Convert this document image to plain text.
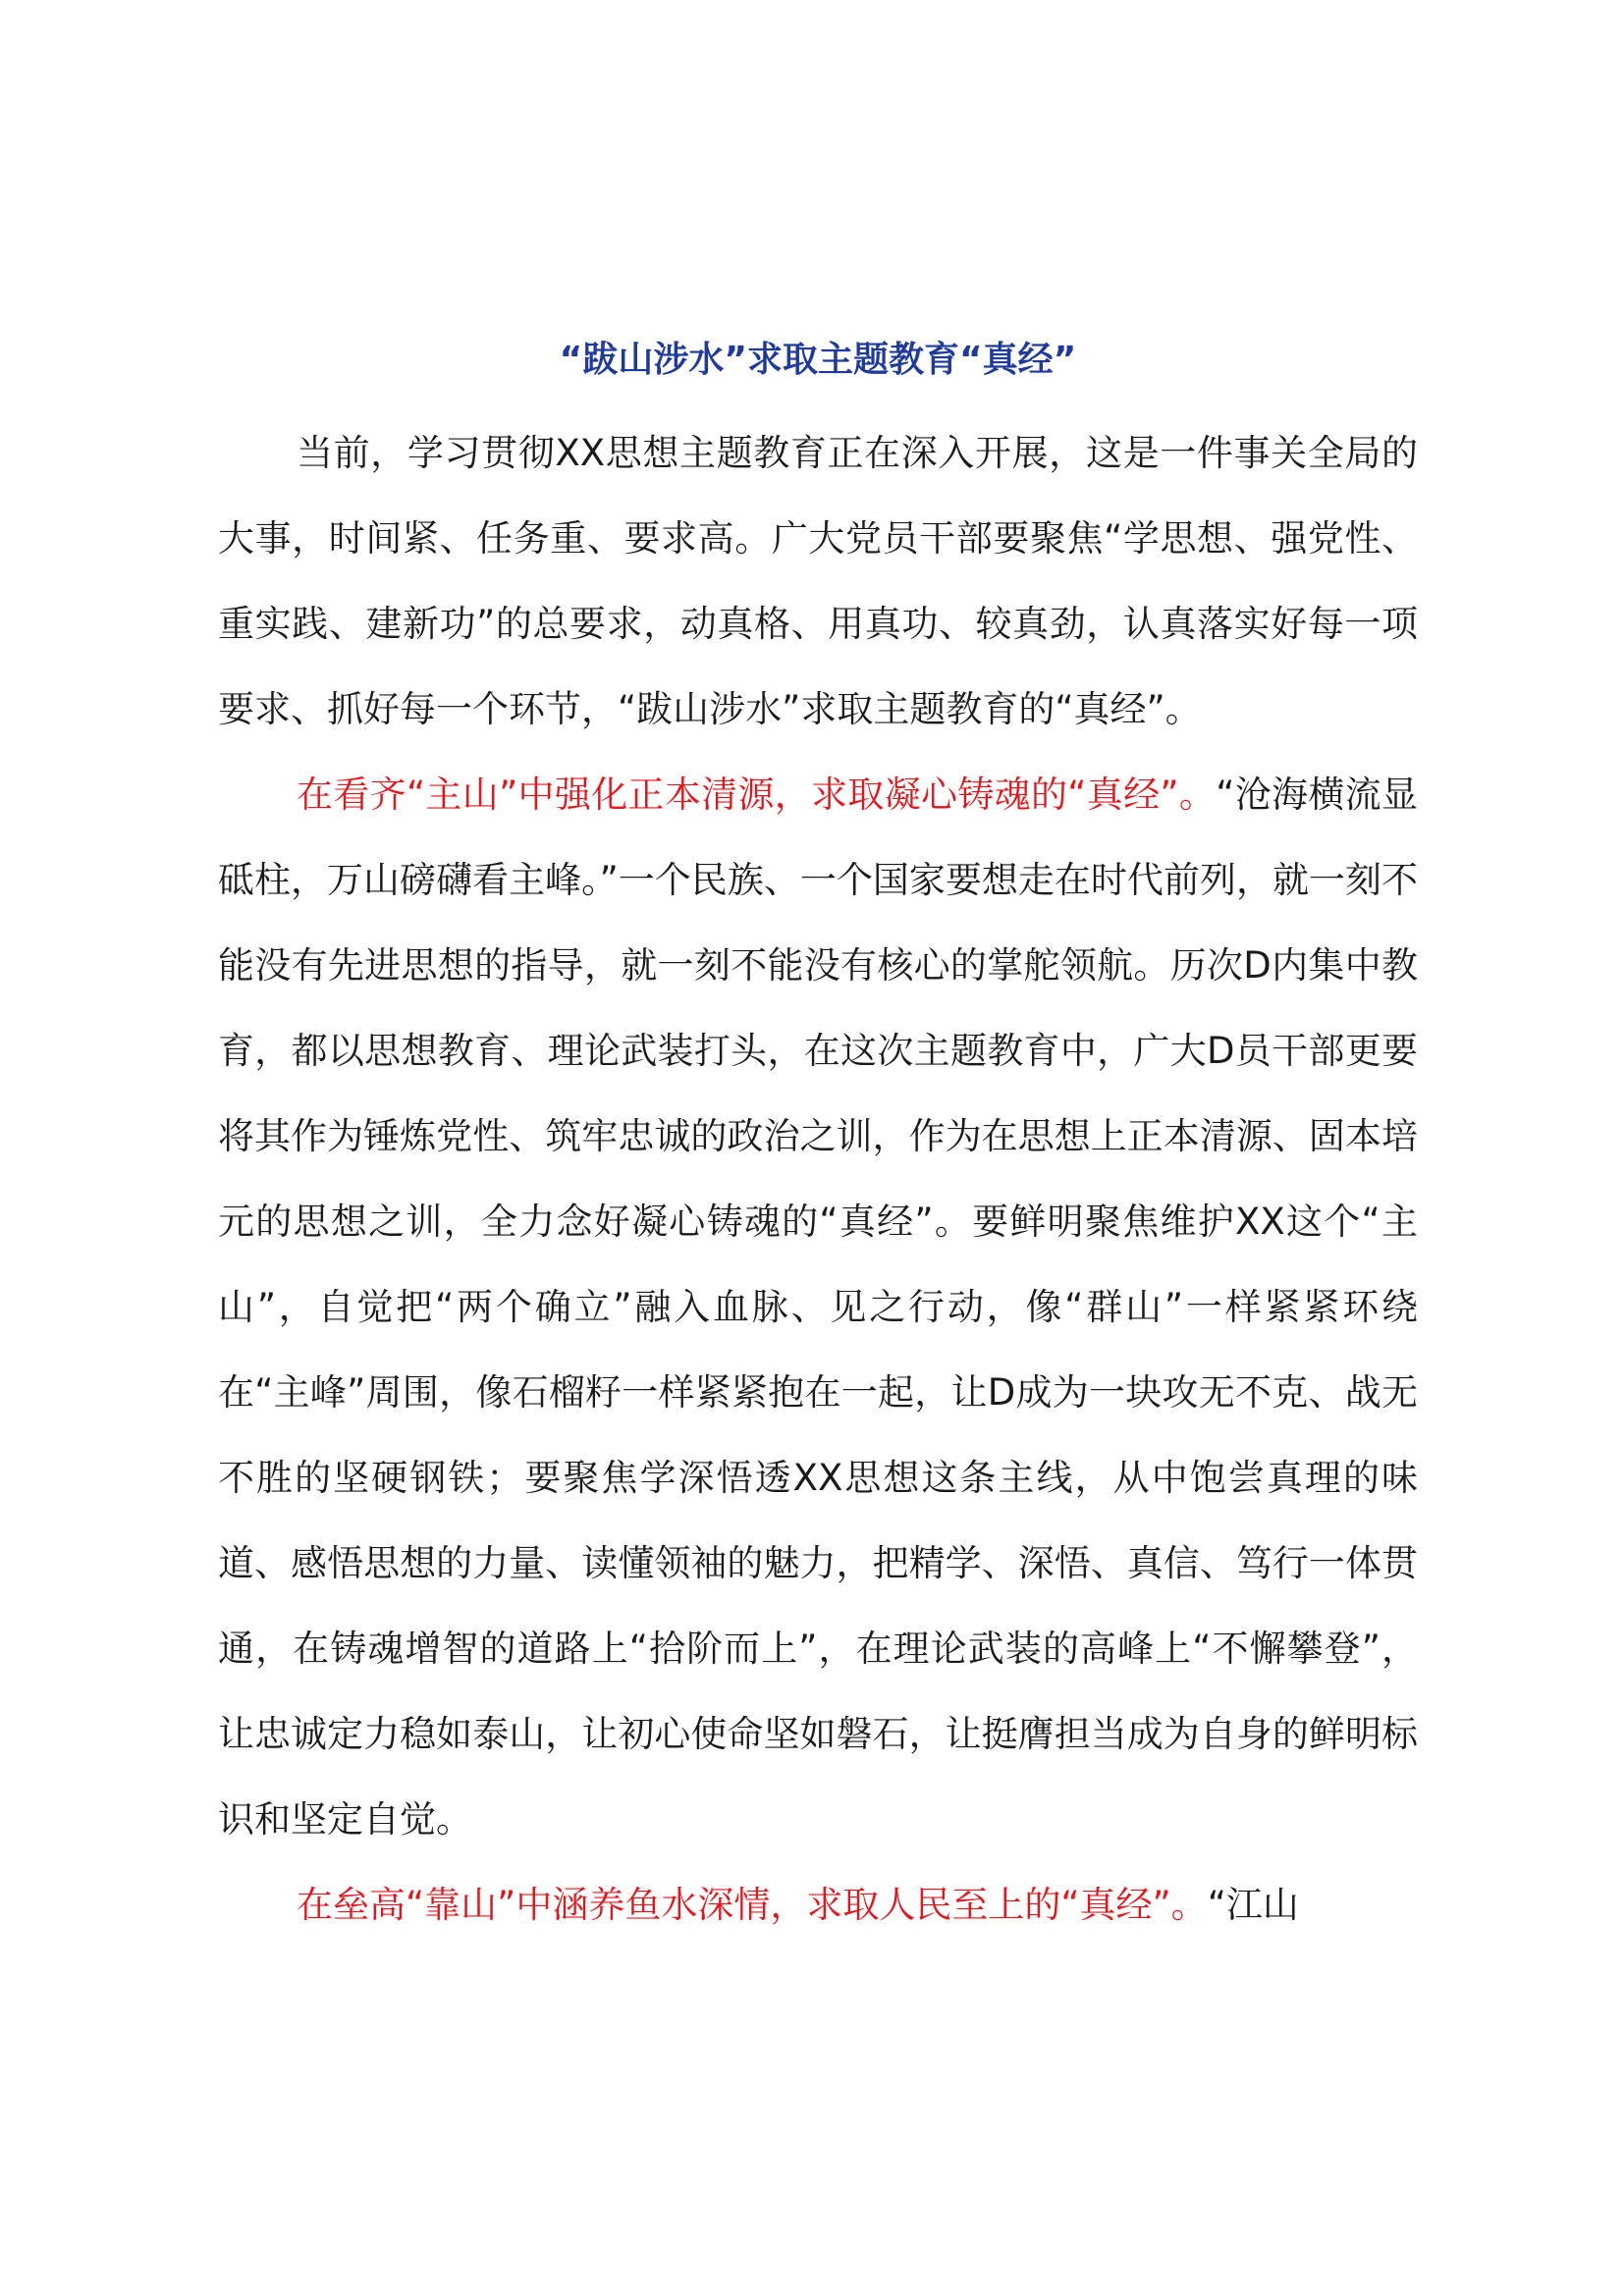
“跋山涉水”求取主题教育“真经”

当前，学习贯彻XX思想主题教育正在深入开展，这是一件事关全局的大事，时间紧、任务重、要求高。广大党员干部要聚焦“学思想、强党性、重实践、建新功”的总要求，动真格、用真功、较真劲，认真落实好每一项要求、抓好每一个环节，“跋山涉水”求取主题教育的“真经”。

在看齐“主山”中强化正本清源，求取凝心铸魂的“真经”。“沧海横流显砥柱，万山磅礴看主峰。”一个民族、一个国家要想走在时代前列，就一刻不能没有先进思想的指导，就一刻不能没有核心的掌舵领航。历次D内集中教育，都以思想教育、理论武装打头，在这次主题教育中，广大D员干部更要将其作为锤炼党性、筑牢忠诚的政治之训，作为在思想上正本清源、固本培元的思想之训，全力念好凝心铸魂的“真经”。要鲜明聚焦维护XX这个“主山”，自觉把“两个确立”融入血脉、见之行动，像“群山”一样紧紧环绕在“主峰”周围，像石榴籽一样紧紧抱在一起，让D成为一块攻无不克、战无不胜的坚硬钢铁；要聚焦学深悟透XX思想这条主线，从中饱尝真理的味道、感悟思想的力量、读懂领袖的魅力，把精学、深悟、真信、笃行一体贯通，在铸魂增智的道路上“拾阶而上”，在理论武装的高峰上“不懈攀登”，让忠诚定力稳如泰山，让初心使命坚如磐石，让挺膺担当成为自身的鲜明标识和坚定自觉。

在垒高“靠山”中涵养鱼水深情，求取人民至上的“真经”。“江山
